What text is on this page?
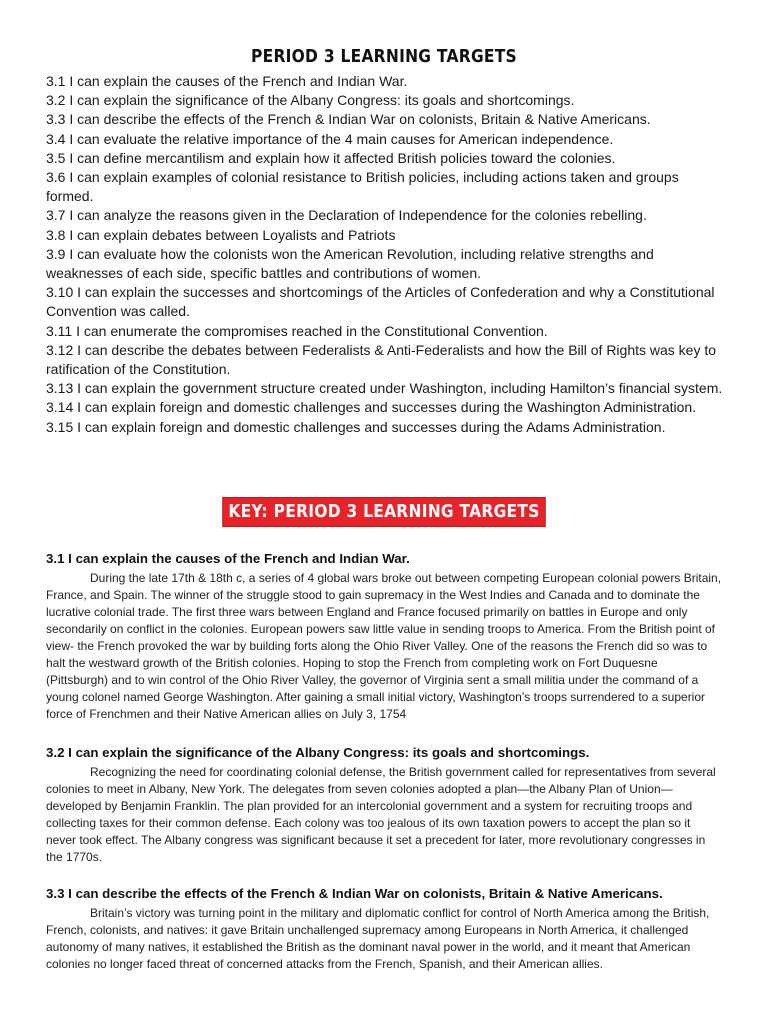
PERIOD 3 LEARNING TARGETS

3.1 I can explain the causes of the French and Indian War.

3.2 I can explain the significance of the Albany Congress: its goals and shortcomings.

3.3 I can describe the effects of the French & Indian War on colonists, Britain & Native Americans.

3.4 I can evaluate the relative importance of the 4 main causes for American independence.

3.5 I can define mercantilism and explain how it affected British policies toward the colonies.

3.6 I can explain examples of colonial resistance to British policies, including actions taken and groups formed.

3.7 I can analyze the reasons given in the Declaration of Independence for the colonies rebelling.

3.8 I can explain debates between Loyalists and Patriots

3.9 I can evaluate how the colonists won the American Revolution, including relative strengths and weaknesses of each side, specific battles and contributions of women.

3.10 I can explain the successes and shortcomings of the Articles of Confederation and why a Constitutional Convention was called.

3.11 I can enumerate the compromises reached in the Constitutional Convention.

3.12 I can describe the debates between Federalists & Anti-Federalists and how the Bill of Rights was key to ratification of the Constitution.

3.13 I can explain the government structure created under Washington, including Hamilton’s financial system.

3.14 I can explain foreign and domestic challenges and successes during the Washington Administration.

3.15 I can explain foreign and domestic challenges and successes during the Adams Administration.

KEY: PERIOD 3 LEARNING TARGETS
3.1 I can explain the causes of the French and Indian War.

During the late 17th & 18th c, a series of 4 global wars broke out between competing European colonial powers Britain, France, and Spain. The winner of the struggle stood to gain supremacy in the West Indies and Canada and to dominate the lucrative colonial trade. The first three wars between England and France focused primarily on battles in Europe and only secondarily on conflict in the colonies. European powers saw little value in sending troops to America. From the British point of view- the French provoked the war by building forts along the Ohio River Valley. One of the reasons the French did so was to halt the westward growth of the British colonies. Hoping to stop the French from completing work on Fort Duquesne (Pittsburgh) and to win control of the Ohio River Valley, the governor of Virginia sent a small militia under the command of a young colonel named George Washington. After gaining a small initial victory, Washington’s troops surrendered to a superior force of Frenchmen and their Native American allies on July 3, 1754

3.2 I can explain the significance of the Albany Congress: its goals and shortcomings.

Recognizing the need for coordinating colonial defense, the British government called for representatives from several colonies to meet in Albany, New York. The delegates from seven colonies adopted a plan—the Albany Plan of Union—developed by Benjamin Franklin. The plan provided for an intercolonial government and a system for recruiting troops and collecting taxes for their common defense. Each colony was too jealous of its own taxation powers to accept the plan so it never took effect. The Albany congress was significant because it set a precedent for later, more revolutionary congresses in the 1770s.

3.3 I can describe the effects of the French & Indian War on colonists, Britain & Native Americans.

Britain’s victory was turning point in the military and diplomatic conflict for control of North America among the British, French, colonists, and natives: it gave Britain unchallenged supremacy among Europeans in North America, it challenged autonomy of many natives, it established the British as the dominant naval power in the world, and it meant that American colonies no longer faced threat of concerned attacks from the French, Spanish, and their American allies.
